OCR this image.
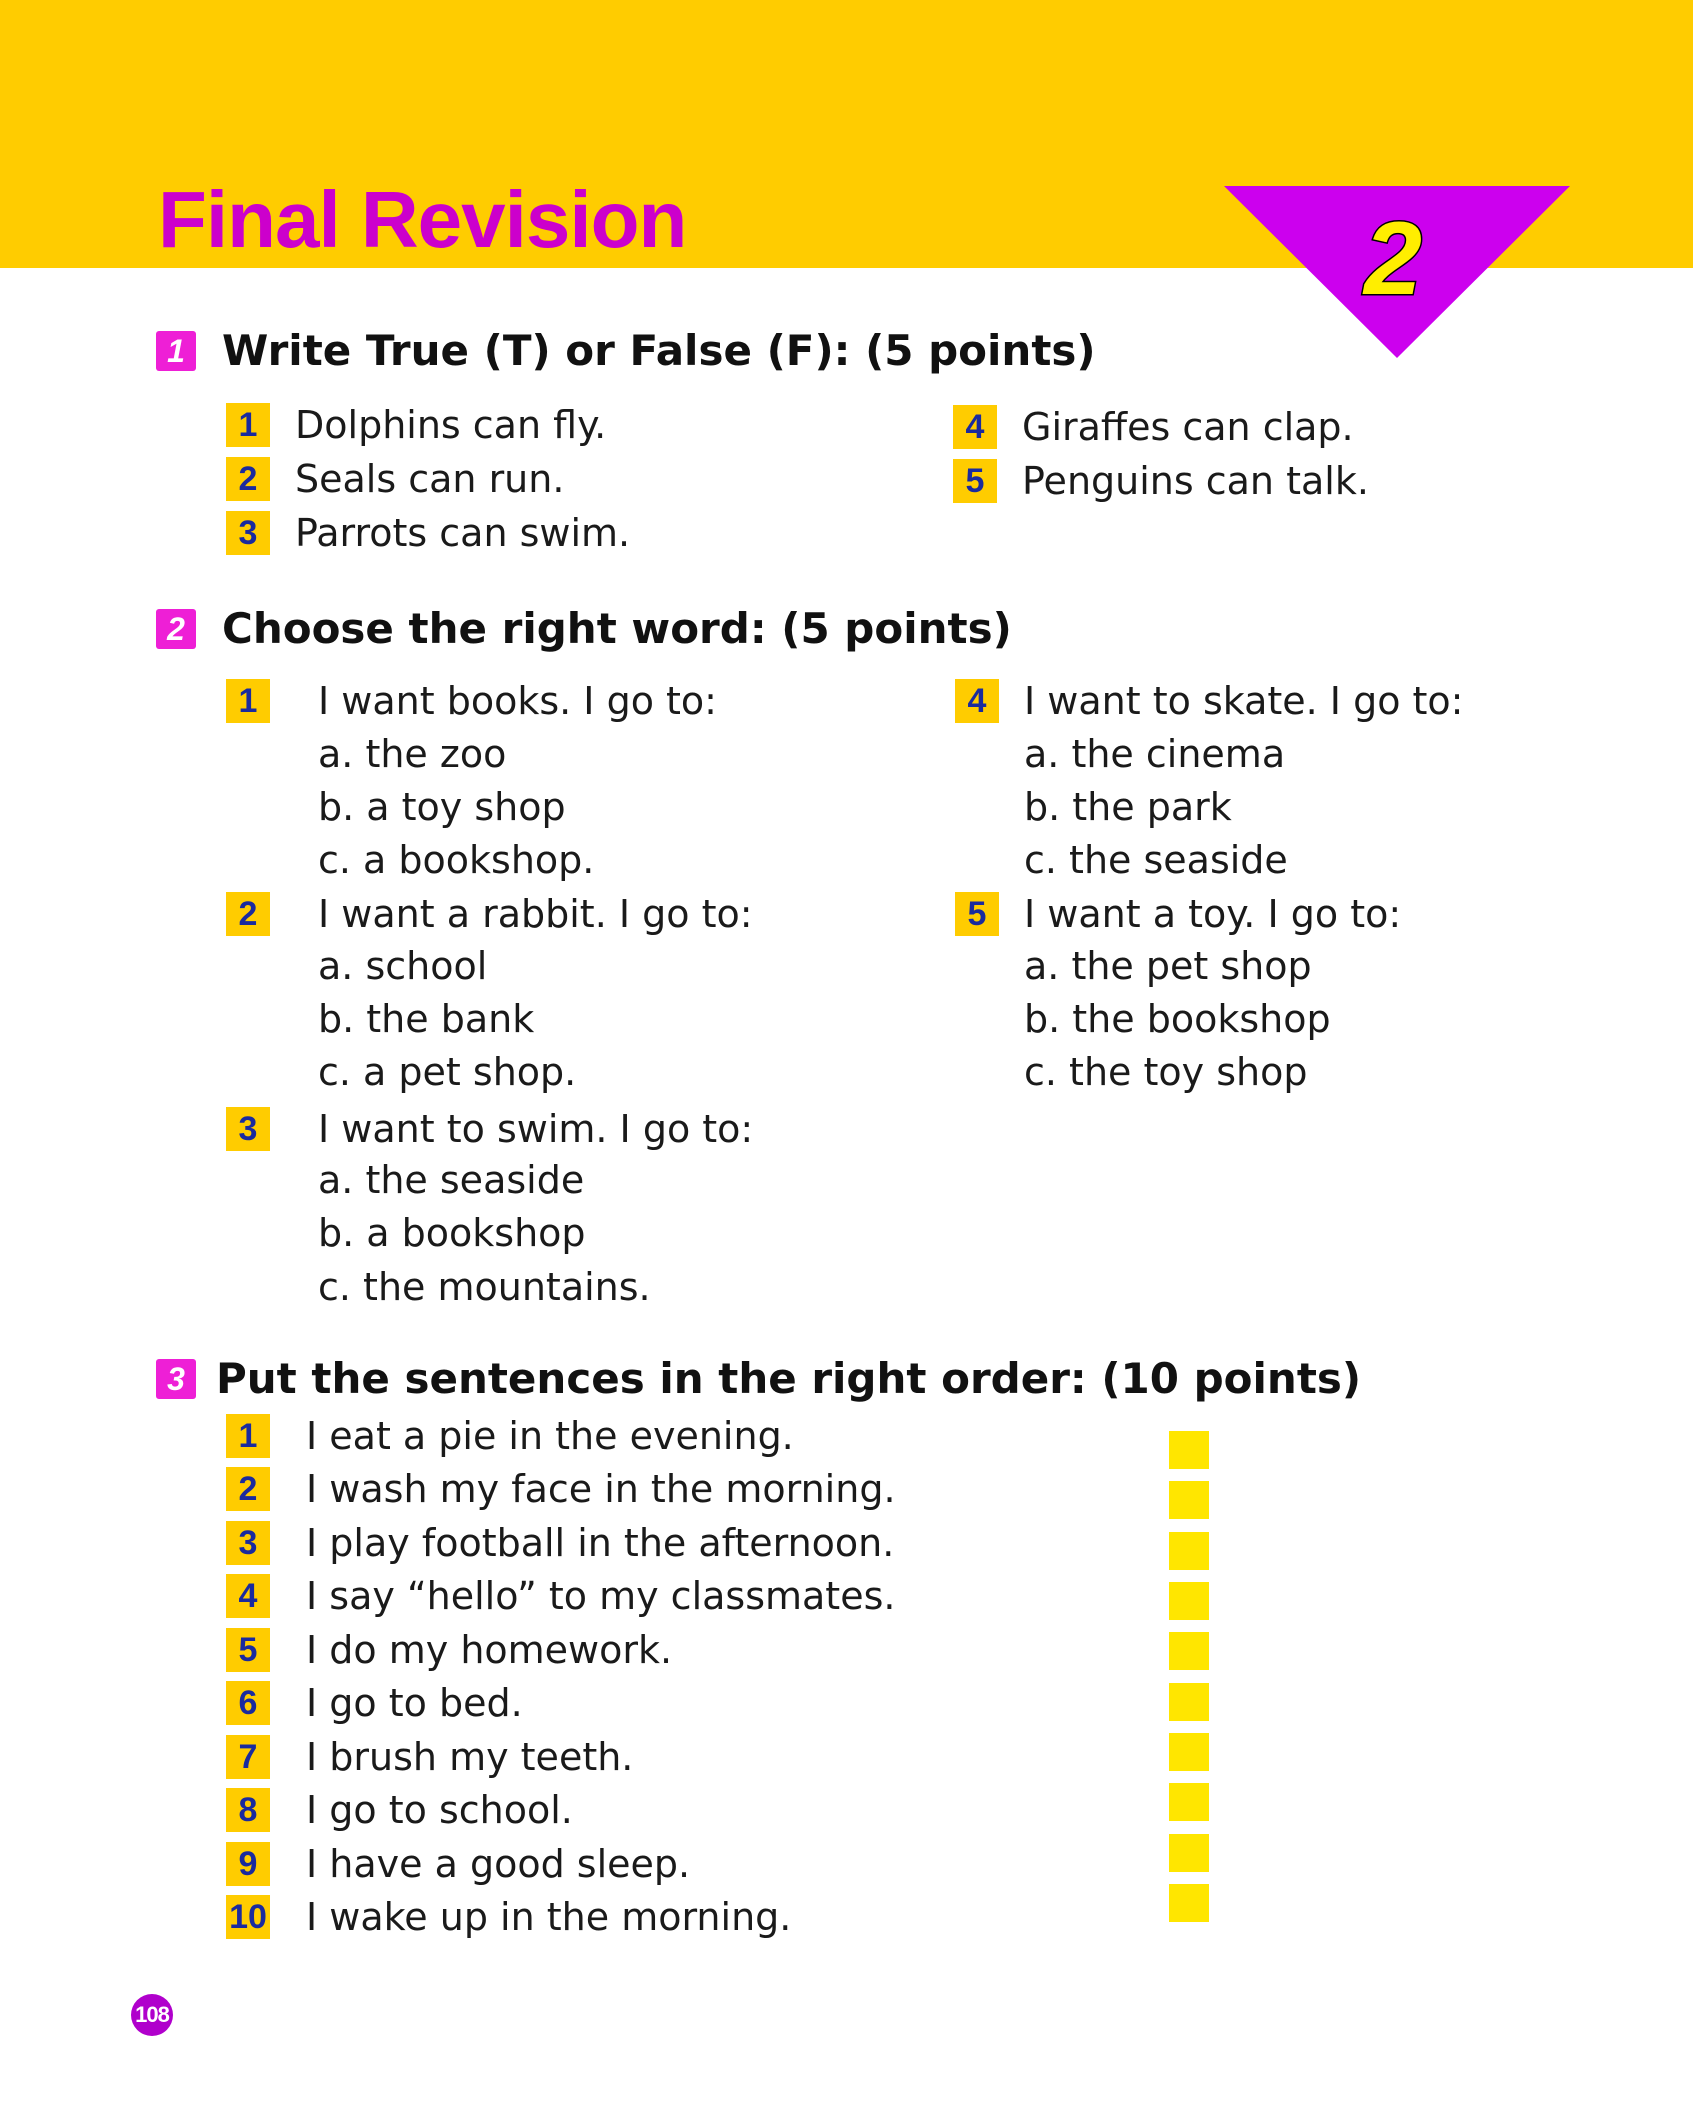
Final Revision	2
1 Write True (T) or False (F): (5 points)
1 Dolphins can fly.
2 Seals can run.
3 Parrots can swim.
4 Giraffes can clap.
5 Penguins can talk.
2 Choose the right word: (5 points)
1	I want books. I go to:
a. the zoo
b. a toy shop
c. a bookshop.
2	I want a rabbit. I go to:
a. school
b. the bank
c. a pet shop.
3	I want to swim. I go to:
a. the seaside
b. a bookshop
c. the mountains.
4 I want to skate. I go to:
a. the cinema
b. the park
c. the seaside
5 I want a toy. I go to:
a. the pet shop
b. the bookshop
c. the toy shop
3 Put the sentences in the right order: (10 points)
1	I eat a pie in the evening.
2	I wash my face in the morning.
3	I play football in the afternoon.
4	I say “hello” to my classmates.
5	I do my homework.
6	I go to bed.
7	I brush my teeth.
8	I go to school.
9	I have a good sleep.
10 I wake up in the morning.
108
